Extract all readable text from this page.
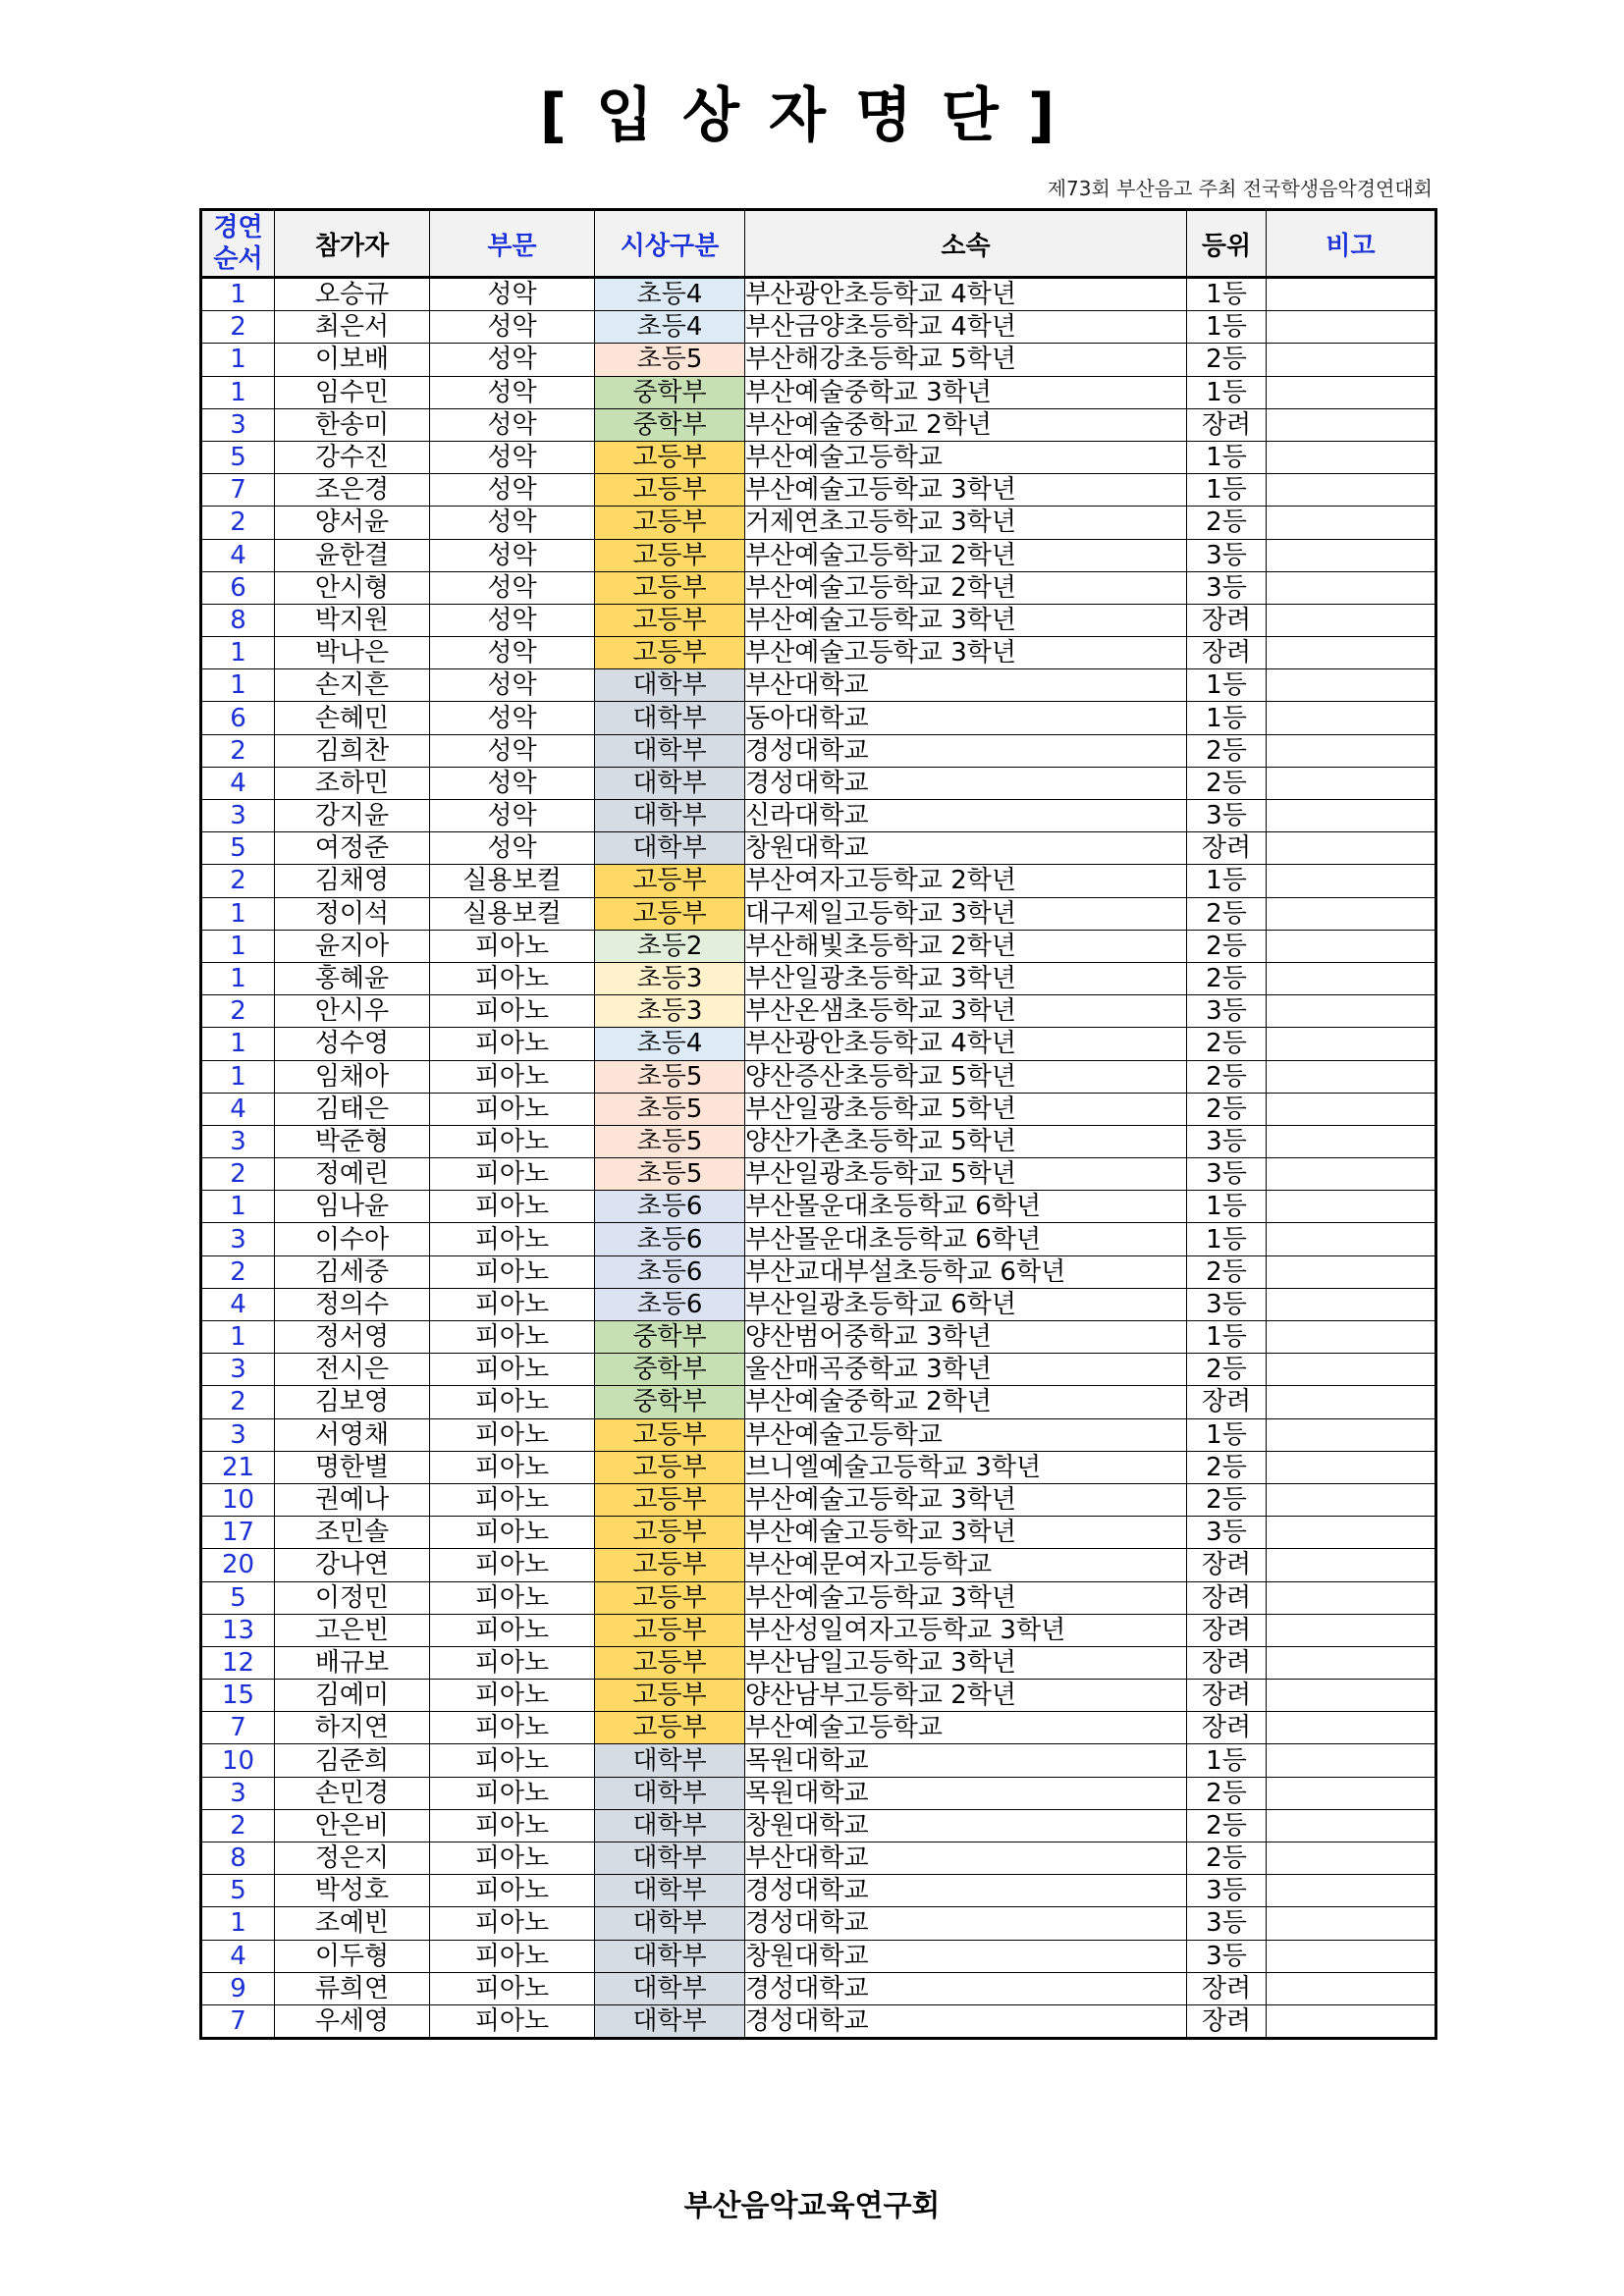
[입상자명단]
제73회 부산음고 주최 전국학생음악경연대회
경연
순서	참가자	부문	시상구분	소속	등위	비고
1	오승규	성악	초등4	부산광안초등학교 4학년	1등	
2	최은서	성악	초등4	부산금양초등학교 4학년	1등	
1	이보배	성악	초등5	부산해강초등학교 5학년	2등	
1	임수민	성악	중학부	부산예술중학교 3학년	1등	
3	한송미	성악	중학부	부산예술중학교 2학년	장려	
5	강수진	성악	고등부	부산예술고등학교	1등	
7	조은경	성악	고등부	부산예술고등학교 3학년	1등	
2	양서윤	성악	고등부	거제연초고등학교 3학년	2등	
4	윤한결	성악	고등부	부산예술고등학교 2학년	3등	
6	안시형	성악	고등부	부산예술고등학교 2학년	3등	
8	박지원	성악	고등부	부산예술고등학교 3학년	장려	
1	박나은	성악	고등부	부산예술고등학교 3학년	장려	
1	손지흔	성악	대학부	부산대학교	1등	
6	손혜민	성악	대학부	동아대학교	1등	
2	김희찬	성악	대학부	경성대학교	2등	
4	조하민	성악	대학부	경성대학교	2등	
3	강지윤	성악	대학부	신라대학교	3등	
5	여정준	성악	대학부	창원대학교	장려	
2	김채영	실용보컬	고등부	부산여자고등학교 2학년	1등	
1	정이석	실용보컬	고등부	대구제일고등학교 3학년	2등	
1	윤지아	피아노	초등2	부산해빛초등학교 2학년	2등	
1	홍혜윤	피아노	초등3	부산일광초등학교 3학년	2등	
2	안시우	피아노	초등3	부산온샘초등학교 3학년	3등	
1	성수영	피아노	초등4	부산광안초등학교 4학년	2등	
1	임채아	피아노	초등5	양산증산초등학교 5학년	2등	
4	김태은	피아노	초등5	부산일광초등학교 5학년	2등	
3	박준형	피아노	초등5	양산가촌초등학교 5학년	3등	
2	정예린	피아노	초등5	부산일광초등학교 5학년	3등	
1	임나윤	피아노	초등6	부산몰운대초등학교 6학년	1등	
3	이수아	피아노	초등6	부산몰운대초등학교 6학년	1등	
2	김세중	피아노	초등6	부산교대부설초등학교 6학년	2등	
4	정의수	피아노	초등6	부산일광초등학교 6학년	3등	
1	정서영	피아노	중학부	양산범어중학교 3학년	1등	
3	전시은	피아노	중학부	울산매곡중학교 3학년	2등	
2	김보영	피아노	중학부	부산예술중학교 2학년	장려	
3	서영채	피아노	고등부	부산예술고등학교	1등	
21	명한별	피아노	고등부	브니엘예술고등학교 3학년	2등	
10	권예나	피아노	고등부	부산예술고등학교 3학년	2등	
17	조민솔	피아노	고등부	부산예술고등학교 3학년	3등	
20	강나연	피아노	고등부	부산예문여자고등학교	장려	
5	이정민	피아노	고등부	부산예술고등학교 3학년	장려	
13	고은빈	피아노	고등부	부산성일여자고등학교 3학년	장려	
12	배규보	피아노	고등부	부산남일고등학교 3학년	장려	
15	김예미	피아노	고등부	양산남부고등학교 2학년	장려	
7	하지연	피아노	고등부	부산예술고등학교	장려	
10	김준희	피아노	대학부	목원대학교	1등	
3	손민경	피아노	대학부	목원대학교	2등	
2	안은비	피아노	대학부	창원대학교	2등	
8	정은지	피아노	대학부	부산대학교	2등	
5	박성호	피아노	대학부	경성대학교	3등	
1	조예빈	피아노	대학부	경성대학교	3등	
4	이두형	피아노	대학부	창원대학교	3등	
9	류희연	피아노	대학부	경성대학교	장려	
7	우세영	피아노	대학부	경성대학교	장려	
부산음악교육연구회
